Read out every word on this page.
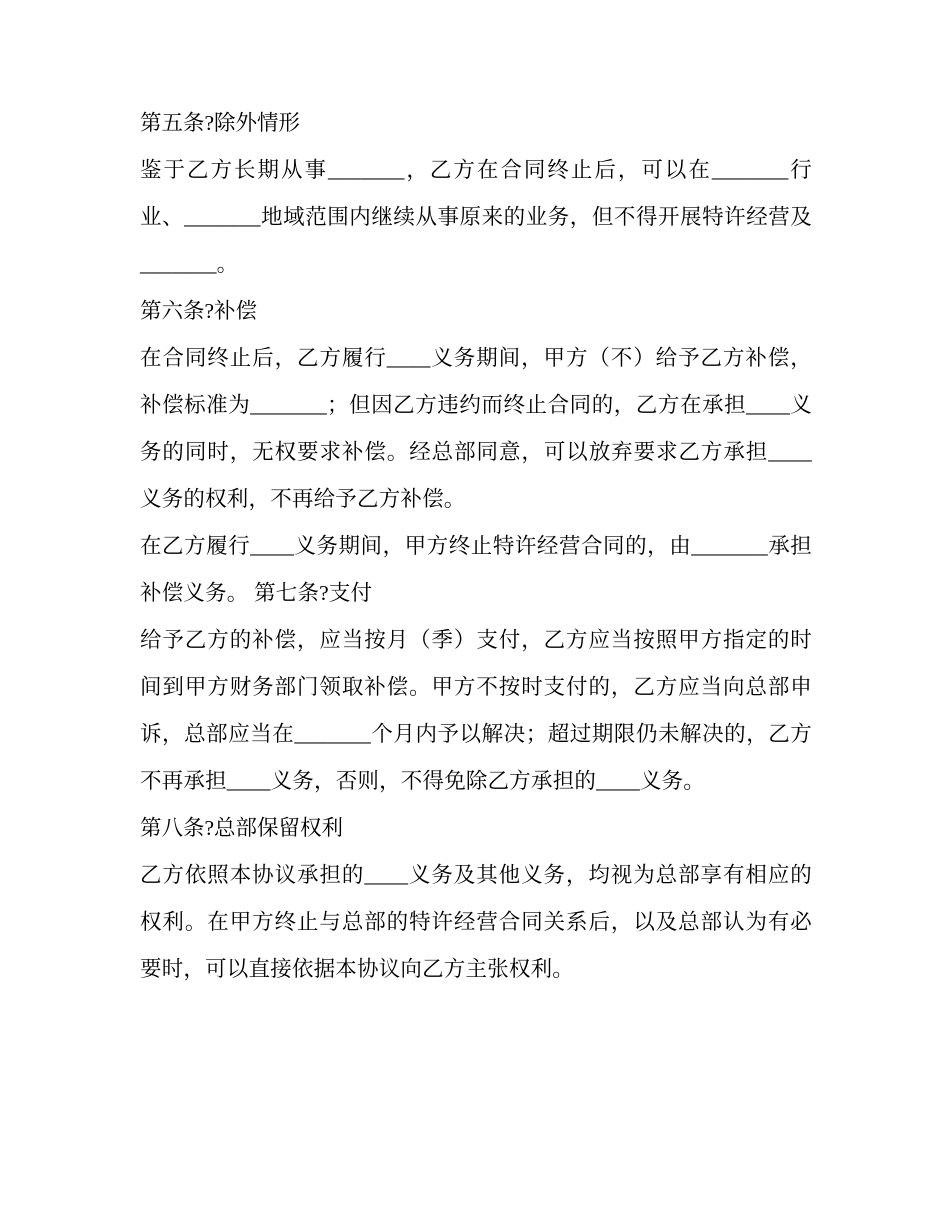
第五条?除外情形

鉴于乙方长期从事_______，乙方在合同终止后，可以在_______行业、_______地域范围内继续从事原来的业务，但不得开展特许经营及_______。

第六条?补偿

在合同终止后，乙方履行____义务期间，甲方（不）给予乙方补偿，补偿标准为_______；但因乙方违约而终止合同的，乙方在承担____义务的同时，无权要求补偿。经总部同意，可以放弃要求乙方承担____义务的权利，不再给予乙方补偿。

在乙方履行____义务期间，甲方终止特许经营合同的，由_______承担补偿义务。 第七条?支付

给予乙方的补偿，应当按月（季）支付，乙方应当按照甲方指定的时间到甲方财务部门领取补偿。甲方不按时支付的，乙方应当向总部申诉，总部应当在_______个月内予以解决；超过期限仍未解决的，乙方不再承担____义务，否则，不得免除乙方承担的____义务。

第八条?总部保留权利

乙方依照本协议承担的____义务及其他义务，均视为总部享有相应的权利。在甲方终止与总部的特许经营合同关系后，以及总部认为有必要时，可以直接依据本协议向乙方主张权利。
